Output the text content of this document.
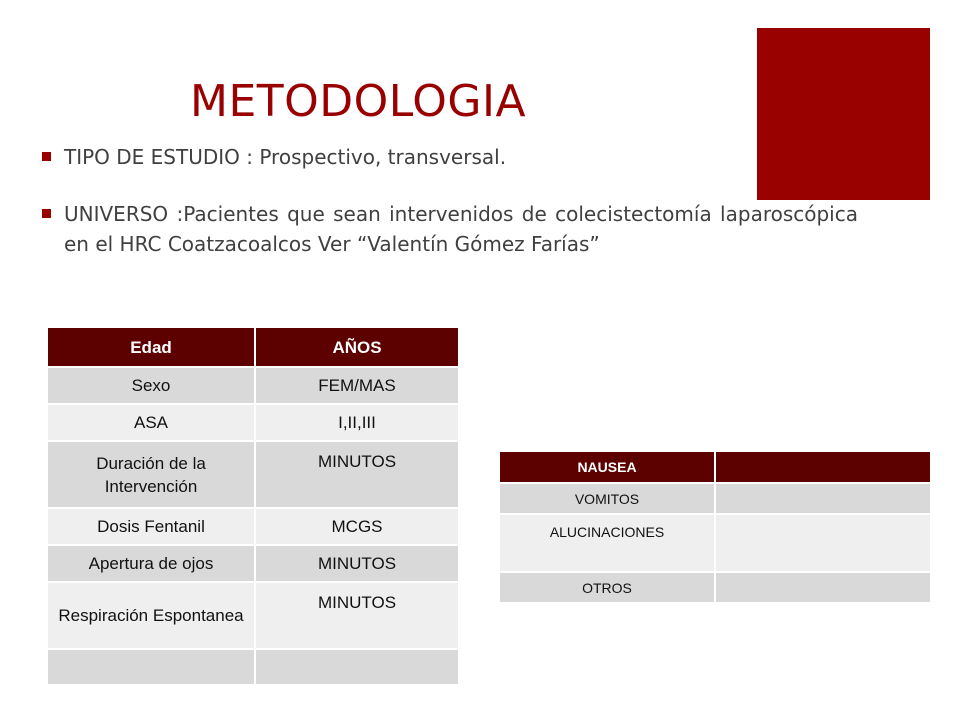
METODOLOGIA
TIPO DE ESTUDIO : Prospectivo, transversal.
UNIVERSO :Pacientes que sean intervenidos de colecistectomía laparoscópica en el HRC Coatzacoalcos Ver “Valentín Gómez Farías”
Edad	AÑOS
Sexo	FEM/MAS
ASA	I,II,III
Duración de la Intervención	MINUTOS
Dosis Fentanil	MCGS
Apertura de ojos	MINUTOS
Respiración Espontanea	MINUTOS

NAUSEA	
VOMITOS	
ALUCINACIONES	
OTROS	
